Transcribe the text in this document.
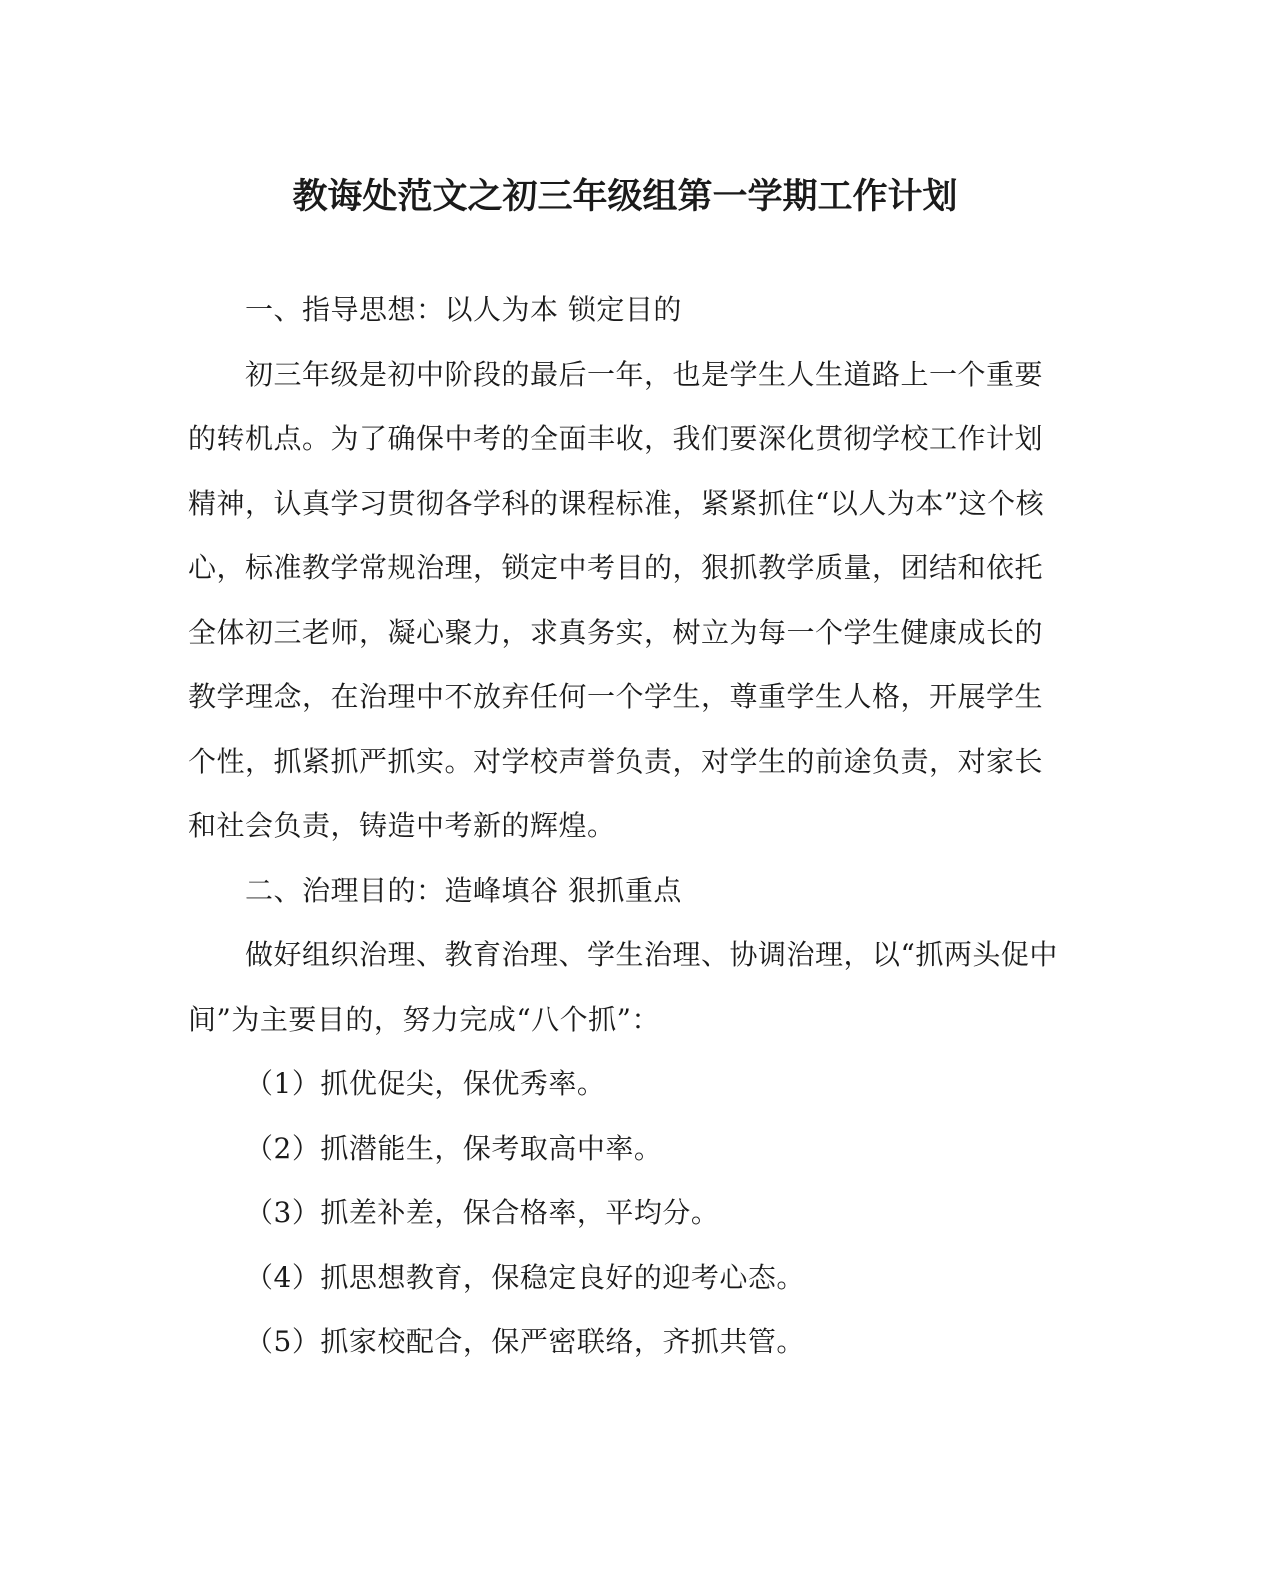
教诲处范文之初三年级组第一学期工作计划

一、指导思想：以人为本 锁定目的

初三年级是初中阶段的最后一年，也是学生人生道路上一个重要的转机点。为了确保中考的全面丰收，我们要深化贯彻学校工作计划精神，认真学习贯彻各学科的课程标准，紧紧抓住“以人为本”这个核心，标准教学常规治理，锁定中考目的，狠抓教学质量，团结和依托全体初三老师，凝心聚力，求真务实，树立为每一个学生健康成长的教学理念，在治理中不放弃任何一个学生，尊重学生人格，开展学生个性，抓紧抓严抓实。对学校声誉负责，对学生的前途负责，对家长和社会负责，铸造中考新的辉煌。

二、治理目的：造峰填谷 狠抓重点

做好组织治理、教育治理、学生治理、协调治理，以“抓两头促中间”为主要目的，努力完成“八个抓”：

（1）抓优促尖，保优秀率。

（2）抓潜能生，保考取高中率。

（3）抓差补差，保合格率，平均分。

（4）抓思想教育，保稳定良好的迎考心态。

（5）抓家校配合，保严密联络，齐抓共管。
